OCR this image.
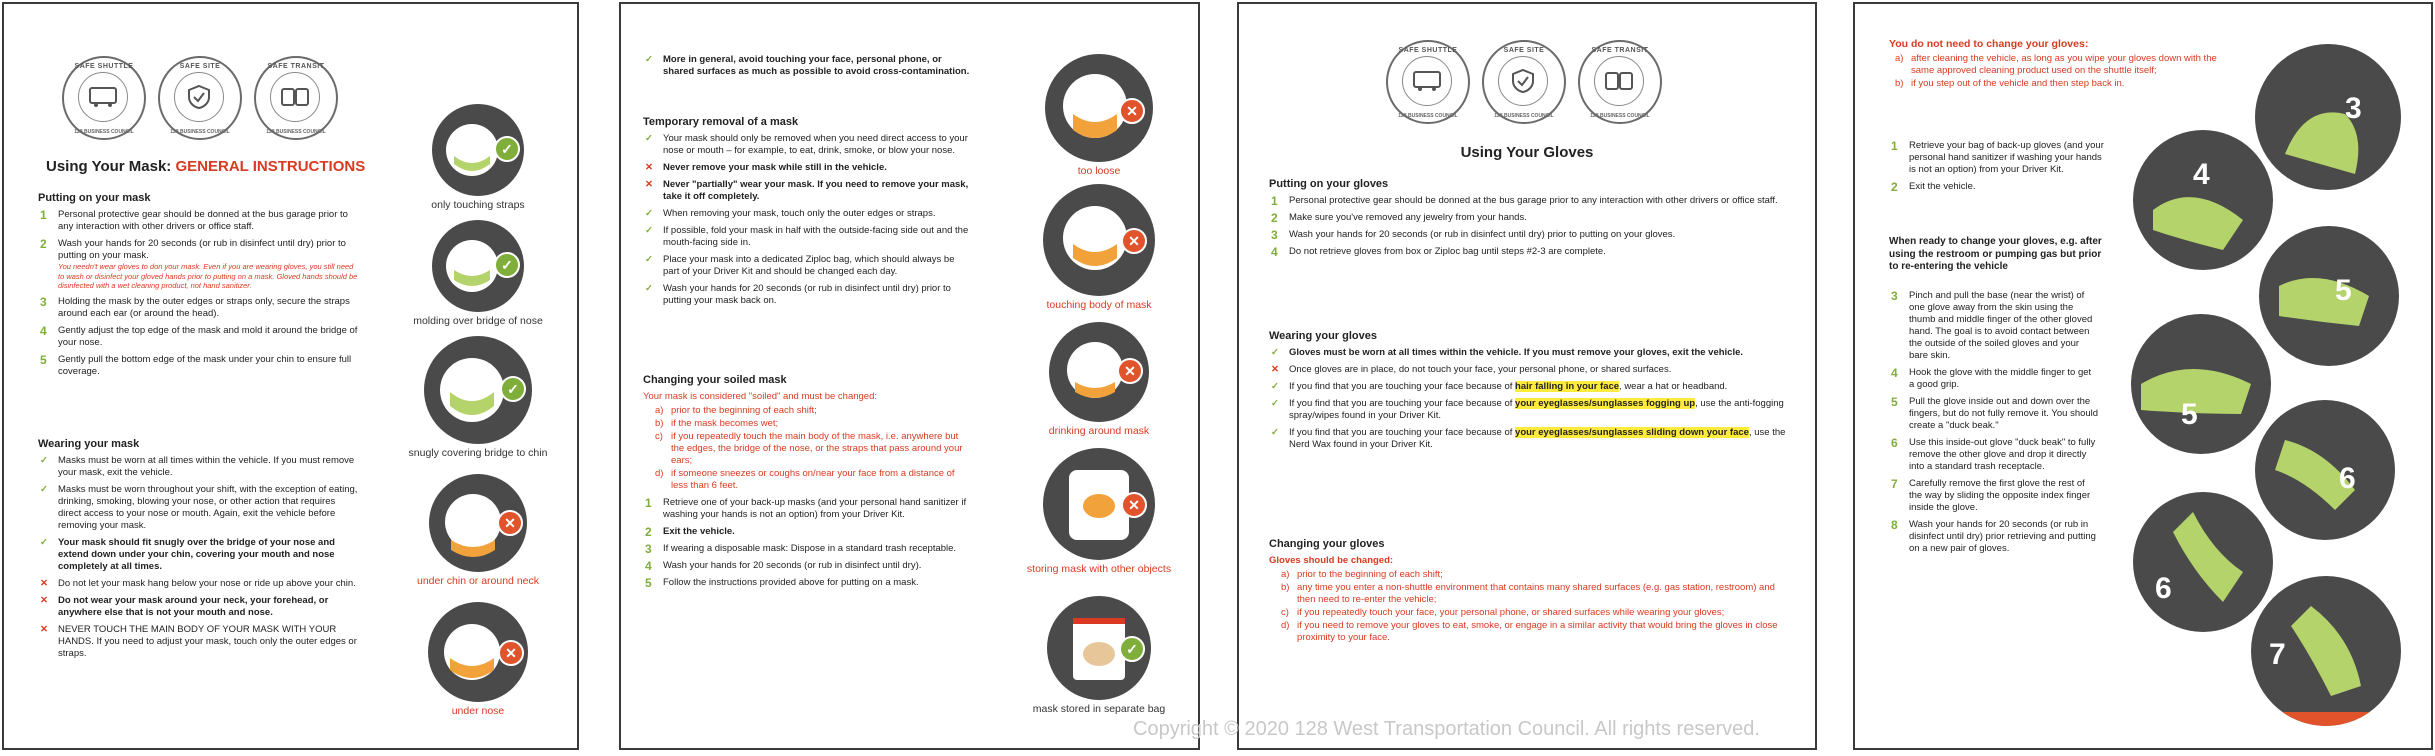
SAFE SHUTTLE
128 BUSINESS COUNCIL
SAFE SITE
128 BUSINESS COUNCIL
SAFE TRANSIT
128 BUSINESS COUNCIL
Using Your Mask: GENERAL INSTRUCTIONS
Putting on your mask
1 Personal protective gear should be donned at the bus garage prior to any interaction with other drivers or office staff.
2 Wash your hands for 20 seconds (or rub in disinfect until dry) prior to putting on your mask.
You needn't wear gloves to don your mask. Even if you are wearing gloves, you still need to wash or disinfect your gloved hands prior to putting on a mask. Gloved hands should be disinfected with a wet cleaning product, not hand sanitizer.
3 Holding the mask by the outer edges or straps only, secure the straps around each ear (or around the head).
4 Gently adjust the top edge of the mask and mold it around the bridge of your nose.
5 Gently pull the bottom edge of the mask under your chin to ensure full coverage.
Wearing your mask
✓ Masks must be worn at all times within the vehicle. If you must remove your mask, exit the vehicle.
✓ Masks must be worn throughout your shift, with the exception of eating, drinking, smoking, blowing your nose, or other action that requires direct access to your nose or mouth. Again, exit the vehicle before removing your mask.
✓ Your mask should fit snugly over the bridge of your nose and extend down under your chin, covering your mouth and nose completely at all times.
✕ Do not let your mask hang below your nose or ride up above your chin.
✕ Do not wear your mask around your neck, your forehead, or anywhere else that is not your mouth and nose.
✕ NEVER TOUCH THE MAIN BODY OF YOUR MASK WITH YOUR HANDS. If you need to adjust your mask, touch only the outer edges or straps.
✓
only touching straps
✓
molding over bridge of nose
✓
snugly covering bridge to chin
✕
under chin or around neck
✕
under nose
✓ More in general, avoid touching your face, personal phone, or shared surfaces as much as possible to avoid cross-contamination.
Temporary removal of a mask
✓ Your mask should only be removed when you need direct access to your nose or mouth – for example, to eat, drink, smoke, or blow your nose.
✕ Never remove your mask while still in the vehicle.
✕ Never "partially" wear your mask. If you need to remove your mask, take it off completely.
✓ When removing your mask, touch only the outer edges or straps.
✓ If possible, fold your mask in half with the outside-facing side out and the mouth-facing side in.
✓ Place your mask into a dedicated Ziploc bag, which should always be part of your Driver Kit and should be changed each day.
✓ Wash your hands for 20 seconds (or rub in disinfect until dry) prior to putting your mask back on.
Changing your soiled mask
Your mask is considered "soiled" and must be changed:
a) prior to the beginning of each shift;
b) if the mask becomes wet;
c) if you repeatedly touch the main body of the mask, i.e. anywhere but the edges, the bridge of the nose, or the straps that pass around your ears;
d) if someone sneezes or coughs on/near your face from a distance of less than 6 feet.
1 Retrieve one of your back-up masks (and your personal hand sanitizer if washing your hands is not an option) from your Driver Kit.
2 Exit the vehicle.
3 If wearing a disposable mask: Dispose in a standard trash receptable.
4 Wash your hands for 20 seconds (or rub in disinfect until dry).
5 Follow the instructions provided above for putting on a mask.
✕
too loose
✕
touching body of mask
✕
drinking around mask
✕
storing mask with other objects
✓
mask stored in separate bag
SAFE SHUTTLE
128 BUSINESS COUNCIL
SAFE SITE
128 BUSINESS COUNCIL
SAFE TRANSIT
128 BUSINESS COUNCIL
Using Your Gloves
Putting on your gloves
1 Personal protective gear should be donned at the bus garage prior to any interaction with other drivers or office staff.
2 Make sure you've removed any jewelry from your hands.
3 Wash your hands for 20 seconds (or rub in disinfect until dry) prior to putting on your gloves.
4 Do not retrieve gloves from box or Ziploc bag until steps #2-3 are complete.
Wearing your gloves
✓ Gloves must be worn at all times within the vehicle. If you must remove your gloves, exit the vehicle.
✕ Once gloves are in place, do not touch your face, your personal phone, or shared surfaces.
✓ If you find that you are touching your face because of hair falling in your face, wear a hat or headband.
✓ If you find that you are touching your face because of your eyeglasses/sunglasses fogging up, use the anti-fogging spray/wipes found in your Driver Kit.
✓ If you find that you are touching your face because of your eyeglasses/sunglasses sliding down your face, use the Nerd Wax found in your Driver Kit.
Changing your gloves
Gloves should be changed:
a) prior to the beginning of each shift;
b) any time you enter a non-shuttle environment that contains many shared surfaces (e.g. gas station, restroom) and then need to re-enter the vehicle;
c) if you repeatedly touch your face, your personal phone, or shared surfaces while wearing your gloves;
d) if you need to remove your gloves to eat, smoke, or engage in a similar activity that would bring the gloves in close proximity to your face.
You do not need to change your gloves:
a) after cleaning the vehicle, as long as you wipe your gloves down with the same approved cleaning product used on the shuttle itself;
b) if you step out of the vehicle and then step back in.
1 Retrieve your bag of back-up gloves (and your personal hand sanitizer if washing your hands is not an option) from your Driver Kit.
2 Exit the vehicle.
When ready to change your gloves, e.g. after using the restroom or pumping gas but prior to re-entering the vehicle
3 Pinch and pull the base (near the wrist) of one glove away from the skin using the thumb and middle finger of the other gloved hand. The goal is to avoid contact between the outside of the soiled gloves and your bare skin.
4 Hook the glove with the middle finger to get a good grip.
5 Pull the glove inside out and down over the fingers, but do not fully remove it. You should create a "duck beak."
6 Use this inside-out glove "duck beak" to fully remove the other glove and drop it directly into a standard trash receptacle.
7 Carefully remove the first glove the rest of the way by sliding the opposite index finger inside the glove.
8 Wash your hands for 20 seconds (or rub in disinfect until dry) prior retrieving and putting on a new pair of gloves.
3
4
5
5
6
6
7
Copyright © 2020 128 West Transportation Council. All rights reserved.
